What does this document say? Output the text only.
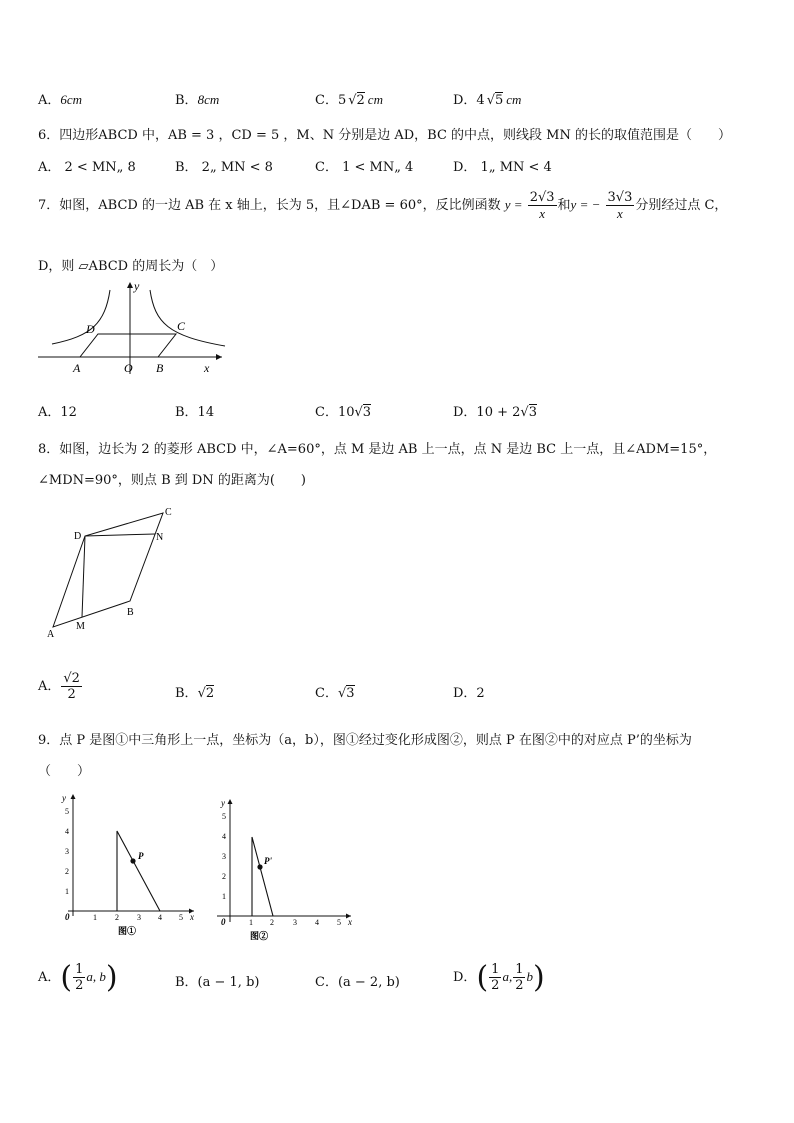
A．6cm	B．8cm	C．5 √2 cm	D．4 √5 cm
6．四边形ABCD 中，AB = 3 ，CD = 5 ，M、N 分别是边 AD，BC 的中点，则线段 MN 的长的取值范围是（　　）
A． 2 < MN„ 8	B． 2„ MN < 8	C． 1 < MN„ 4	D． 1„ MN < 4
7．如图，ABCD 的一边 AB 在 x 轴上，长为 5，且∠DAB = 60°，反比例函数 $y = \frac{2√3}{x}$ 和y = − $\frac{3√3}{x}$ 分别经过点 C，
D，则 ▱ABCD 的周长为（　）
y
x
D	C
A	O B
A．12	B．14	C．10√3	D．10 + 2√3
8．如图，边长为 2 的菱形 ABCD 中，∠A=60°，点 M 是边 AB 上一点，点 N 是边 BC 上一点，且∠ADM=15°，
∠MDN=90°，则点 B 到 DN 的距离为(　　)
C
D	N
B
A
M
A． $\frac{√2}{2}$	B．√2	C．√3	D．2
9．点 P 是图①中三角形上一点，坐标为（a，b），图①经过变化形成图②，则点 P 在图②中的对应点 P’的坐标为
（　　）
P
y
x
0	1 2 3 4 5
1
2
3
4
5
图①
P'
y
x
0	1 2 3 4 5
1
2
3
4
5
图②
A．( $\frac{1}{2} a$, b)	B．(a − 1, b)	C．(a − 2, b)	D．( $\frac{1}{2} a$, $\frac{1}{2} b$)
